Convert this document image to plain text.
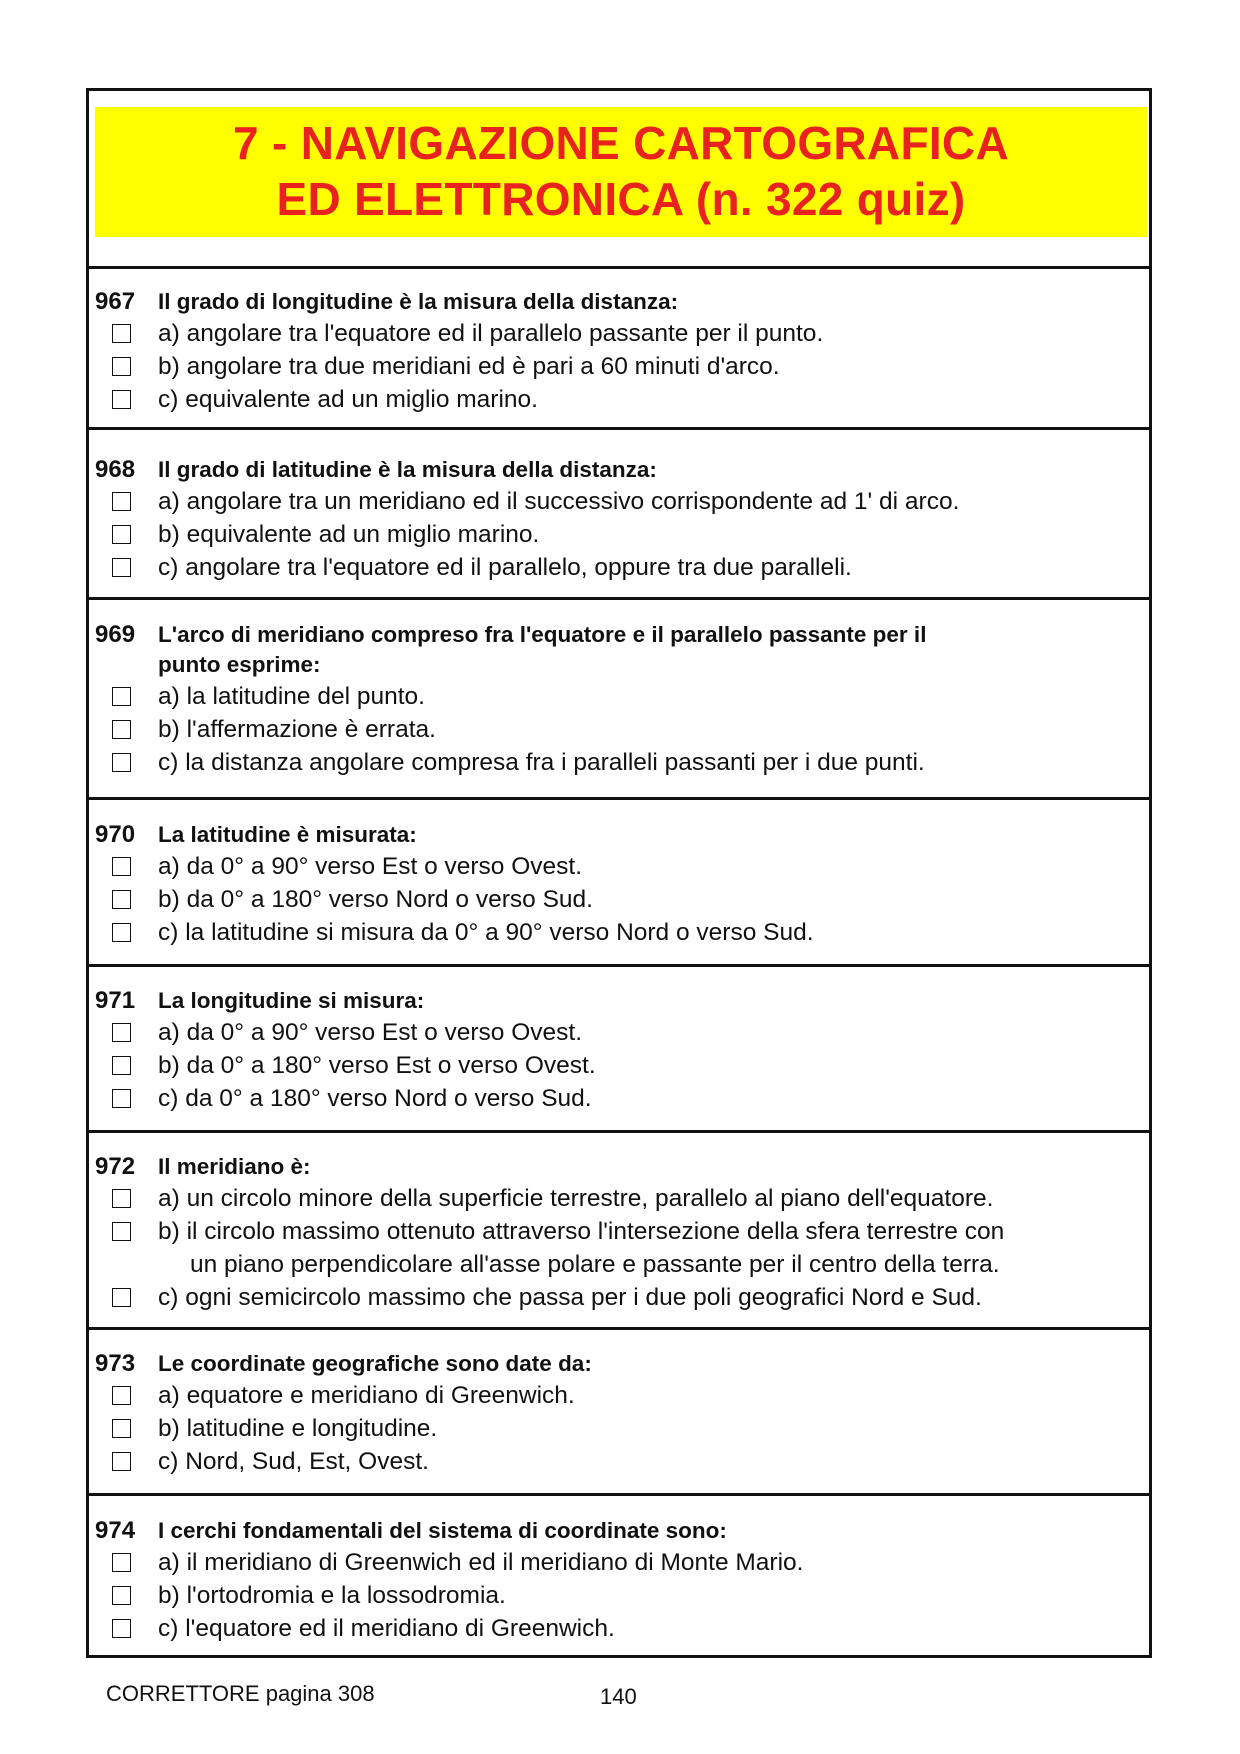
7 - NAVIGAZIONE CARTOGRAFICA
ED ELETTRONICA (n. 322 quiz)
967 Il grado di longitudine è la misura della distanza:
a) angolare tra l'equatore ed il parallelo passante per il punto.
b) angolare tra due meridiani ed è pari a 60 minuti d'arco.
c) equivalente ad un miglio marino.
968 Il grado di latitudine è la misura della distanza:
a) angolare tra un meridiano ed il successivo corrispondente ad 1' di arco.
b) equivalente ad un miglio marino.
c) angolare tra l'equatore ed il parallelo, oppure tra due paralleli.
969 L'arco di meridiano compreso fra l'equatore e il parallelo passante per il
punto esprime:
a) la latitudine del punto.
b) l'affermazione è errata.
c) la distanza angolare compresa fra i paralleli passanti per i due punti.
970 La latitudine è misurata:
a) da 0° a 90° verso Est o verso Ovest.
b) da 0° a 180° verso Nord o verso Sud.
c) la latitudine si misura da 0° a 90° verso Nord o verso Sud.
971 La longitudine si misura:
a) da 0° a 90° verso Est o verso Ovest.
b) da 0° a 180° verso Est o verso Ovest.
c) da 0° a 180° verso Nord o verso Sud.
972 Il meridiano è:
a) un circolo minore della superficie terrestre, parallelo al piano dell'equatore.
b) il circolo massimo ottenuto attraverso l'intersezione della sfera terrestre con
un piano perpendicolare all'asse polare e passante per il centro della terra.
c) ogni semicircolo massimo che passa per i due poli geografici Nord e Sud.
973 Le coordinate geografiche sono date da:
a) equatore e meridiano di Greenwich.
b) latitudine e longitudine.
c) Nord, Sud, Est, Ovest.
974 I cerchi fondamentali del sistema di coordinate sono:
a) il meridiano di Greenwich ed il meridiano di Monte Mario.
b) l'ortodromia e la lossodromia.
c) l'equatore ed il meridiano di Greenwich.
CORRETTORE pagina 308	140
